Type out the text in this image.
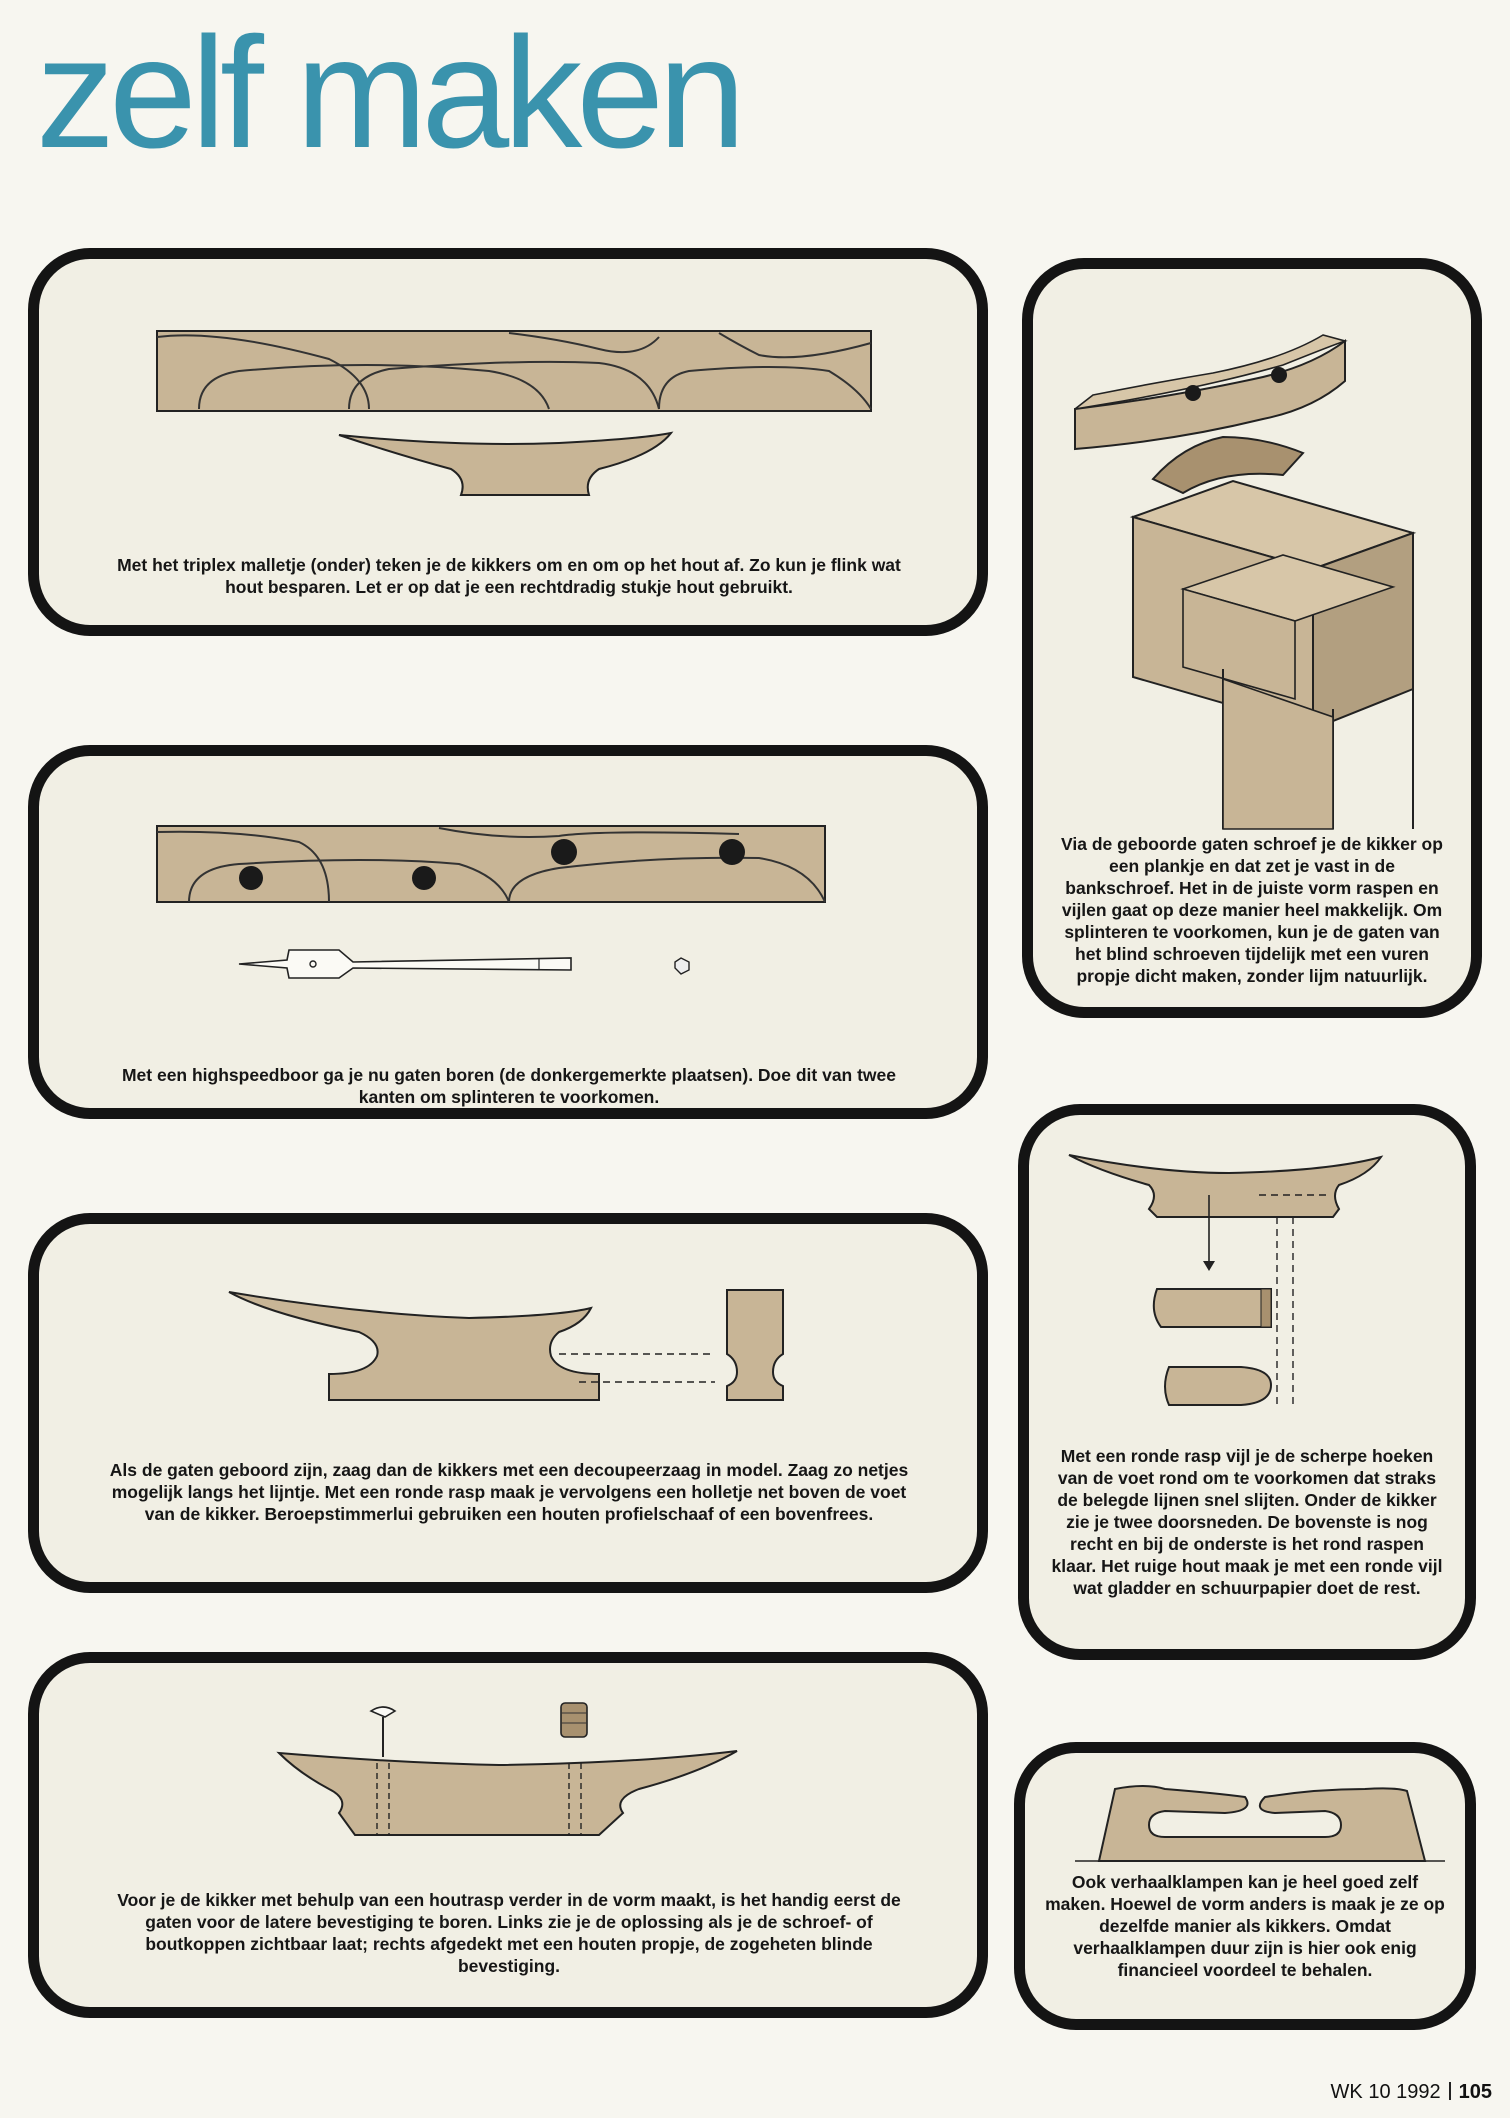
zelf maken

Met het triplex malletje (onder) teken je de kikkers om en om op het hout af. Zo kun je flink wat hout besparen. Let er op dat je een rechtdradig stukje hout gebruikt.

Met een highspeedboor ga je nu gaten boren (de donkergemerkte plaatsen). Doe dit van twee kanten om splinteren te voorkomen.

Als de gaten geboord zijn, zaag dan de kikkers met een decoupeerzaag in model. Zaag zo netjes mogelijk langs het lijntje. Met een ronde rasp maak je vervolgens een holletje net boven de voet van de kikker. Beroepstimmerlui gebruiken een houten profielschaaf of een bovenfrees.

Voor je de kikker met behulp van een houtrasp verder in de vorm maakt, is het handig eerst de gaten voor de latere bevestiging te boren. Links zie je de oplossing als je de schroef- of boutkoppen zichtbaar laat; rechts afgedekt met een houten propje, de zogeheten blinde bevestiging.

Via de geboorde gaten schroef je de kikker op een plankje en dat zet je vast in de bankschroef. Het in de juiste vorm raspen en vijlen gaat op deze manier heel makkelijk. Om splinteren te voorkomen, kun je de gaten van het blind schroeven tijdelijk met een vuren propje dicht maken, zonder lijm natuurlijk.

Met een ronde rasp vijl je de scherpe hoeken van de voet rond om te voorkomen dat straks de belegde lijnen snel slijten. Onder de kikker zie je twee doorsneden. De bovenste is nog recht en bij de onderste is het rond raspen klaar. Het ruige hout maak je met een ronde vijl wat gladder en schuurpapier doet de rest.

Ook verhaalklampen kan je heel goed zelf maken. Hoewel de vorm anders is maak je ze op dezelfde manier als kikkers. Omdat verhaalklampen duur zijn is hier ook enig financieel voordeel te behalen.

WK 10 1992 105
